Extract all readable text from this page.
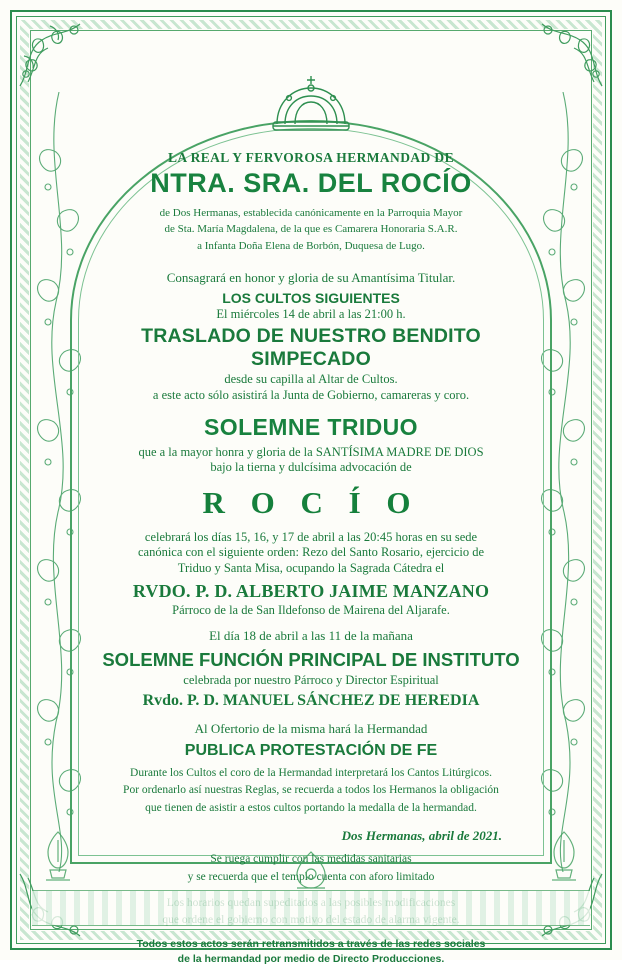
LA REAL Y FERVOROSA HERMANDAD DE

NTRA. SRA. DEL ROCÍO

de Dos Hermanas, establecida canónicamente en la Parroquia Mayor

de Sta. María Magdalena, de la que es Camarera Honoraria S.A.R.

a Infanta Doña Elena de Borbón, Duquesa de Lugo.

Consagrará en honor y gloria de su Amantísima Titular.

LOS CULTOS SIGUIENTES

El miércoles 14 de abril a las 21:00 h.

TRASLADO DE NUESTRO BENDITO SIMPECADO

desde su capilla al Altar de Cultos.

a este acto sólo asistirá la Junta de Gobierno, camareras y coro.

SOLEMNE TRIDUO

que a la mayor honra y gloria de la SANTÍSIMA MADRE DE DIOS

bajo la tierna y dulcísima advocación de

R O C Í O

celebrará los días 15, 16, y 17 de abril a las 20:45 horas en su sede

canónica con el siguiente orden: Rezo del Santo Rosario, ejercicio de

Triduo y Santa Misa, ocupando la Sagrada Cátedra el

RVDO. P. D. ALBERTO JAIME MANZANO

Párroco de la de San Ildefonso de Mairena del Aljarafe.

El día 18 de abril a las 11 de la mañana

SOLEMNE FUNCIÓN PRINCIPAL DE INSTITUTO

celebrada por nuestro Párroco y Director Espiritual

Rvdo. P. D. MANUEL SÁNCHEZ DE HEREDIA

Al Ofertorio de la misma hará la Hermandad

PUBLICA PROTESTACIÓN DE FE

Durante los Cultos el coro de la Hermandad interpretará los Cantos Litúrgicos.

Por ordenarlo así nuestras Reglas, se recuerda a todos los Hermanos la obligación

que tienen de asistir a estos cultos portando la medalla de la hermandad.

Dos Hermanas, abril de 2021.

Se ruega cumplir con las medidas sanitarias

y se recuerda que el templo cuenta con aforo limitado

Todos estos actos serán retransmitidos a través de las redes sociales

de la hermandad por medio de Directo Producciones.
